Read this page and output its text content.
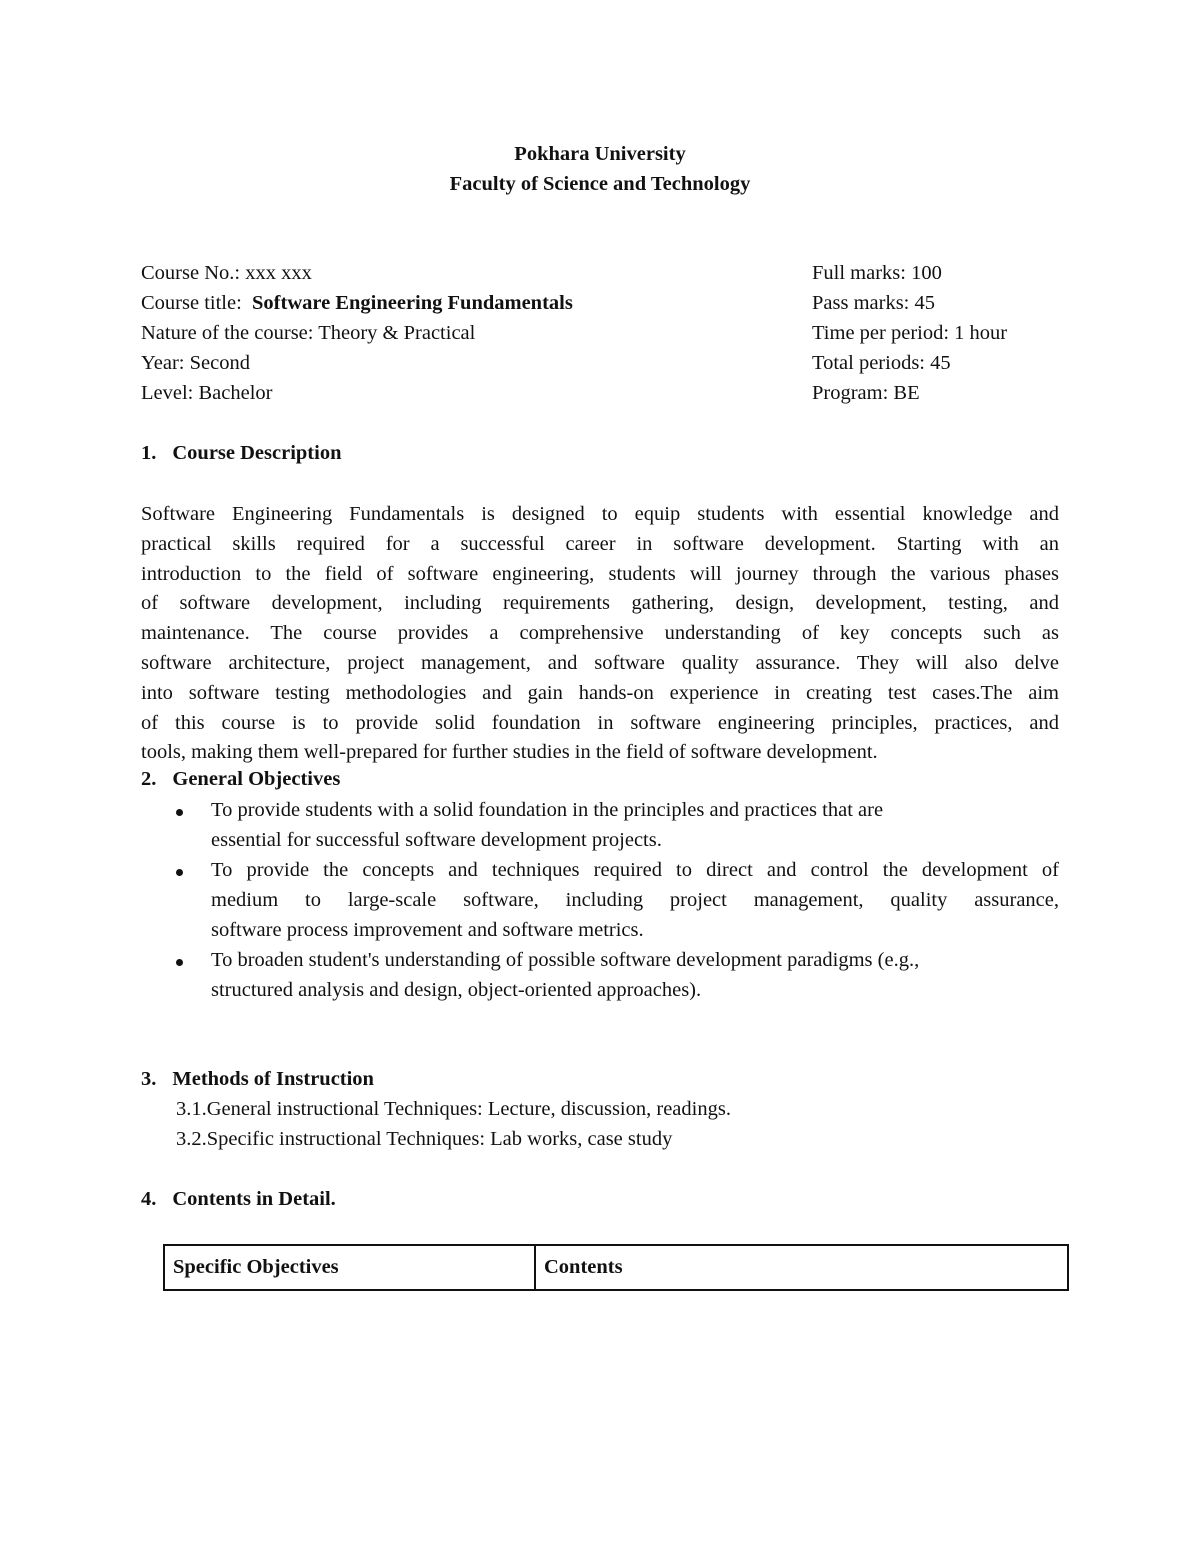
Pokhara University
Faculty of Science and Technology
Course No.: xxx xxx
Course title:  Software Engineering Fundamentals
Nature of the course: Theory & Practical
Year: Second
Level: Bachelor
Full marks: 100
Pass marks: 45
Time per period: 1 hour
Total periods: 45
Program: BE
1. Course Description
Software Engineering Fundamentals is designed to equip students with essential knowledge and
practical skills required for a successful career in software development. Starting with an
introduction to the field of software engineering, students will journey through the various phases
of software development, including requirements gathering, design, development, testing, and
maintenance. The course provides a comprehensive understanding of key concepts such as
software architecture, project management, and software quality assurance. They will also delve
into software testing methodologies and gain hands-on experience in creating test cases.The aim
of this course is to provide solid foundation in software engineering principles, practices, and
tools, making them well-prepared for further studies in the field of software development.
2. General Objectives
To provide students with a solid foundation in the principles and practices that are
essential for successful software development projects.
To provide the concepts and techniques required to direct and control the development of
medium to large-scale software, including project management, quality assurance,
software process improvement and software metrics.
To broaden student's understanding of possible software development paradigms (e.g.,
structured analysis and design, object-oriented approaches).
3. Methods of Instruction
3.1.General instructional Techniques: Lecture, discussion, readings.
3.2.Specific instructional Techniques: Lab works, case study
4. Contents in Detail.
Specific Objectives	Contents
